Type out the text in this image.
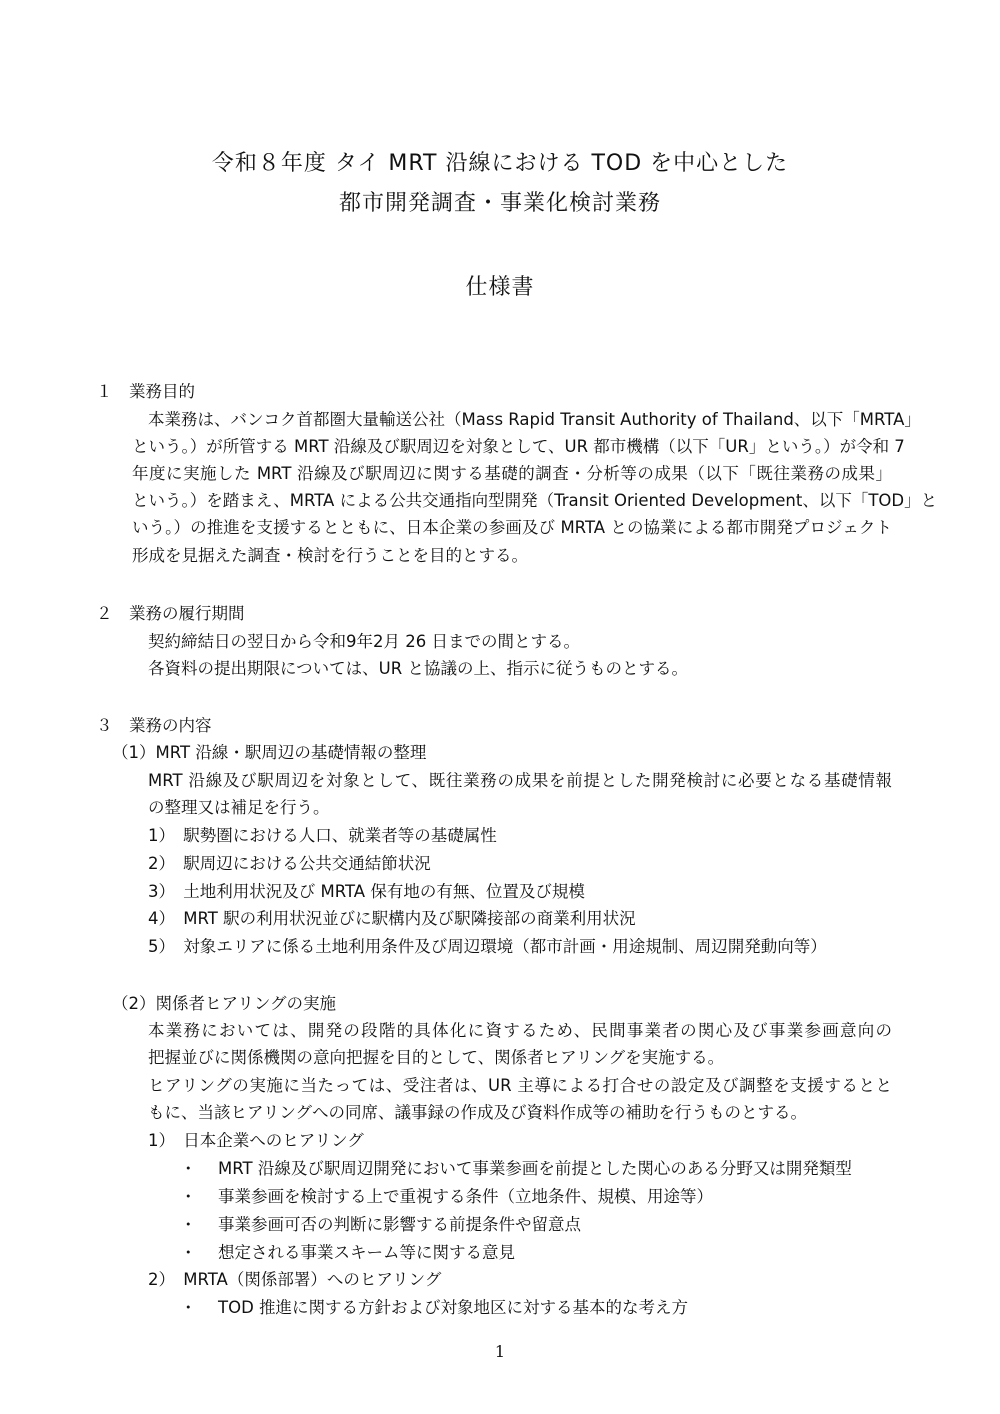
令和８年度 タイ MRT 沿線における TOD を中心とした
都市開発調査・事業化検討業務
仕様書
１　業務目的
本業務は、バンコク首都圏大量輸送公社（Mass Rapid Transit Authority of Thailand、以下「MRTA」
という。）が所管する MRT 沿線及び駅周辺を対象として、UR 都市機構（以下「UR」という。）が令和 7
年度に実施した MRT 沿線及び駅周辺に関する基礎的調査・分析等の成果（以下「既往業務の成果」
という。）を踏まえ、MRTA による公共交通指向型開発（Transit Oriented Development、以下「TOD」と
いう。）の推進を支援するとともに、日本企業の参画及び MRTA との協業による都市開発プロジェクト
形成を見据えた調査・検討を行うことを目的とする。
２　業務の履行期間
契約締結日の翌日から令和9年2月 26 日までの間とする。
各資料の提出期限については、UR と協議の上、指示に従うものとする。
３　業務の内容
（1）MRT 沿線・駅周辺の基礎情報の整理
MRT 沿線及び駅周辺を対象として、既往業務の成果を前提とした開発検討に必要となる基礎情報
の整理又は補足を行う。
1）　駅勢圏における人口、就業者等の基礎属性
2）　駅周辺における公共交通結節状況
3）　土地利用状況及び MRTA 保有地の有無、位置及び規模
4）　MRT 駅の利用状況並びに駅構内及び駅隣接部の商業利用状況
5）　対象エリアに係る土地利用条件及び周辺環境（都市計画・用途規制、周辺開発動向等）
（2）関係者ヒアリングの実施
本業務においては、開発の段階的具体化に資するため、民間事業者の関心及び事業参画意向の
把握並びに関係機関の意向把握を目的として、関係者ヒアリングを実施する。
ヒアリングの実施に当たっては、受注者は、UR 主導による打合せの設定及び調整を支援するとと
もに、当該ヒアリングへの同席、議事録の作成及び資料作成等の補助を行うものとする。
1）　日本企業へのヒアリング
・ MRT 沿線及び駅周辺開発において事業参画を前提とした関心のある分野又は開発類型
・ 事業参画を検討する上で重視する条件（立地条件、規模、用途等）
・ 事業参画可否の判断に影響する前提条件や留意点
・ 想定される事業スキーム等に関する意見
2）　MRTA（関係部署）へのヒアリング
・ TOD 推進に関する方針および対象地区に対する基本的な考え方
1
